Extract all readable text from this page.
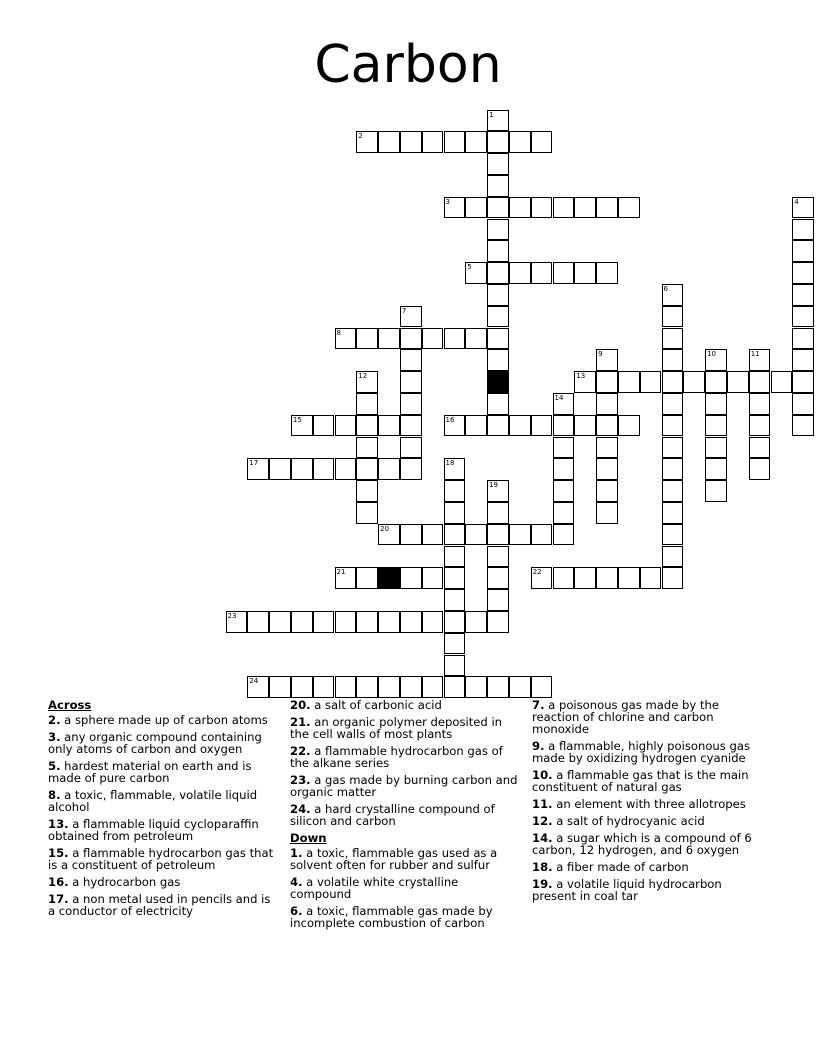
Carbon
1
2
3	4
5
6
7
8
9	10	11
12	13
14
15	16
17	18
19
20
21	22
23
24
Across
2. a sphere made up of carbon atoms
3. any organic compound containing only atoms of carbon and oxygen
5. hardest material on earth and is made of pure carbon
8. a toxic, flammable, volatile liquid alcohol
13. a flammable liquid cycloparaffin obtained from petroleum
15. a flammable hydrocarbon gas that is a constituent of petroleum
16. a hydrocarbon gas
17. a non metal used in pencils and is a conductor of electricity
20. a salt of carbonic acid
21. an organic polymer deposited in the cell walls of most plants
22. a flammable hydrocarbon gas of the alkane series
23. a gas made by burning carbon and organic matter
24. a hard crystalline compound of silicon and carbon
Down
1. a toxic, flammable gas used as a solvent often for rubber and sulfur
4. a volatile white crystalline compound
6. a toxic, flammable gas made by incomplete combustion of carbon
7. a poisonous gas made by the reaction of chlorine and carbon monoxide
9. a flammable, highly poisonous gas made by oxidizing hydrogen cyanide
10. a flammable gas that is the main constituent of natural gas
11. an element with three allotropes
12. a salt of hydrocyanic acid
14. a sugar which is a compound of 6 carbon, 12 hydrogen, and 6 oxygen
18. a fiber made of carbon
19. a volatile liquid hydrocarbon present in coal tar
